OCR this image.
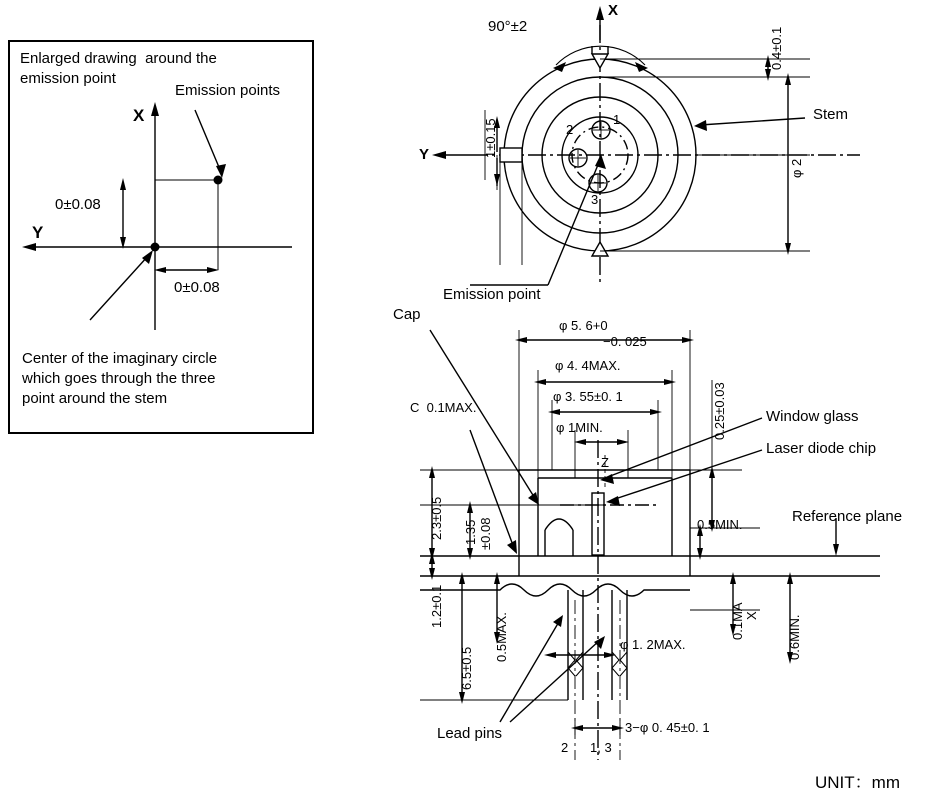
Enlarged drawing  around the
emission point
Emission points
X
Y
0±0.08
0±0.08
Center of the imaginary circle
which goes through the three
point around the stem
90°±2
X
Y	1±0.15
0.4±0.1
φ 2
Stem
1
2
3
Emission point
Cap
φ 5. 6+0
−0. 025
φ 4. 4MAX.
φ 3. 55±0. 1
φ 1MIN.
C  0.1MAX.	0.25±0.03
0.5MIN.
Z
Window glass
Laser diode chip
Reference plane
2.3±0.5 1.35 ±0.08
1.2±0.1
6.5±0.5
0.5MAX.	0.1MA X 0.6MIN.
φ 1. 2MAX.
3−φ 0. 45±0. 1
Lead pins
2 1, 3
UNIT：mm
